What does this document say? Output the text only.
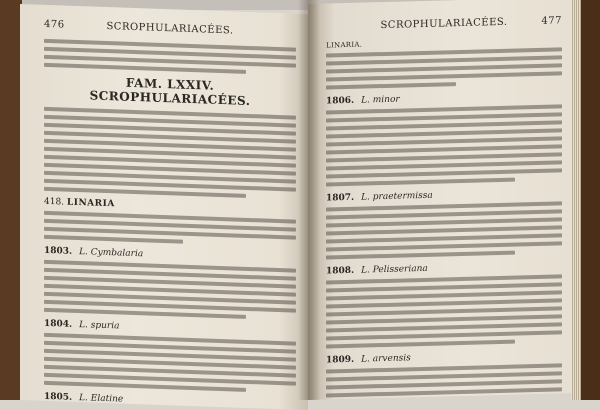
476	SCROPHULARIACÉES.
FAM. LXXIV. SCROPHULARIACÉES.
418. LINARIA
1803. L. Cymbalaria
1804. L. spuria
1805. L. Elatine
SCROPHULARIACÉES.	477
LINARIA.
1806. L. minor
1807. L. praetermissa
1808. L. Pelisseriana
1809. L. arvensis
